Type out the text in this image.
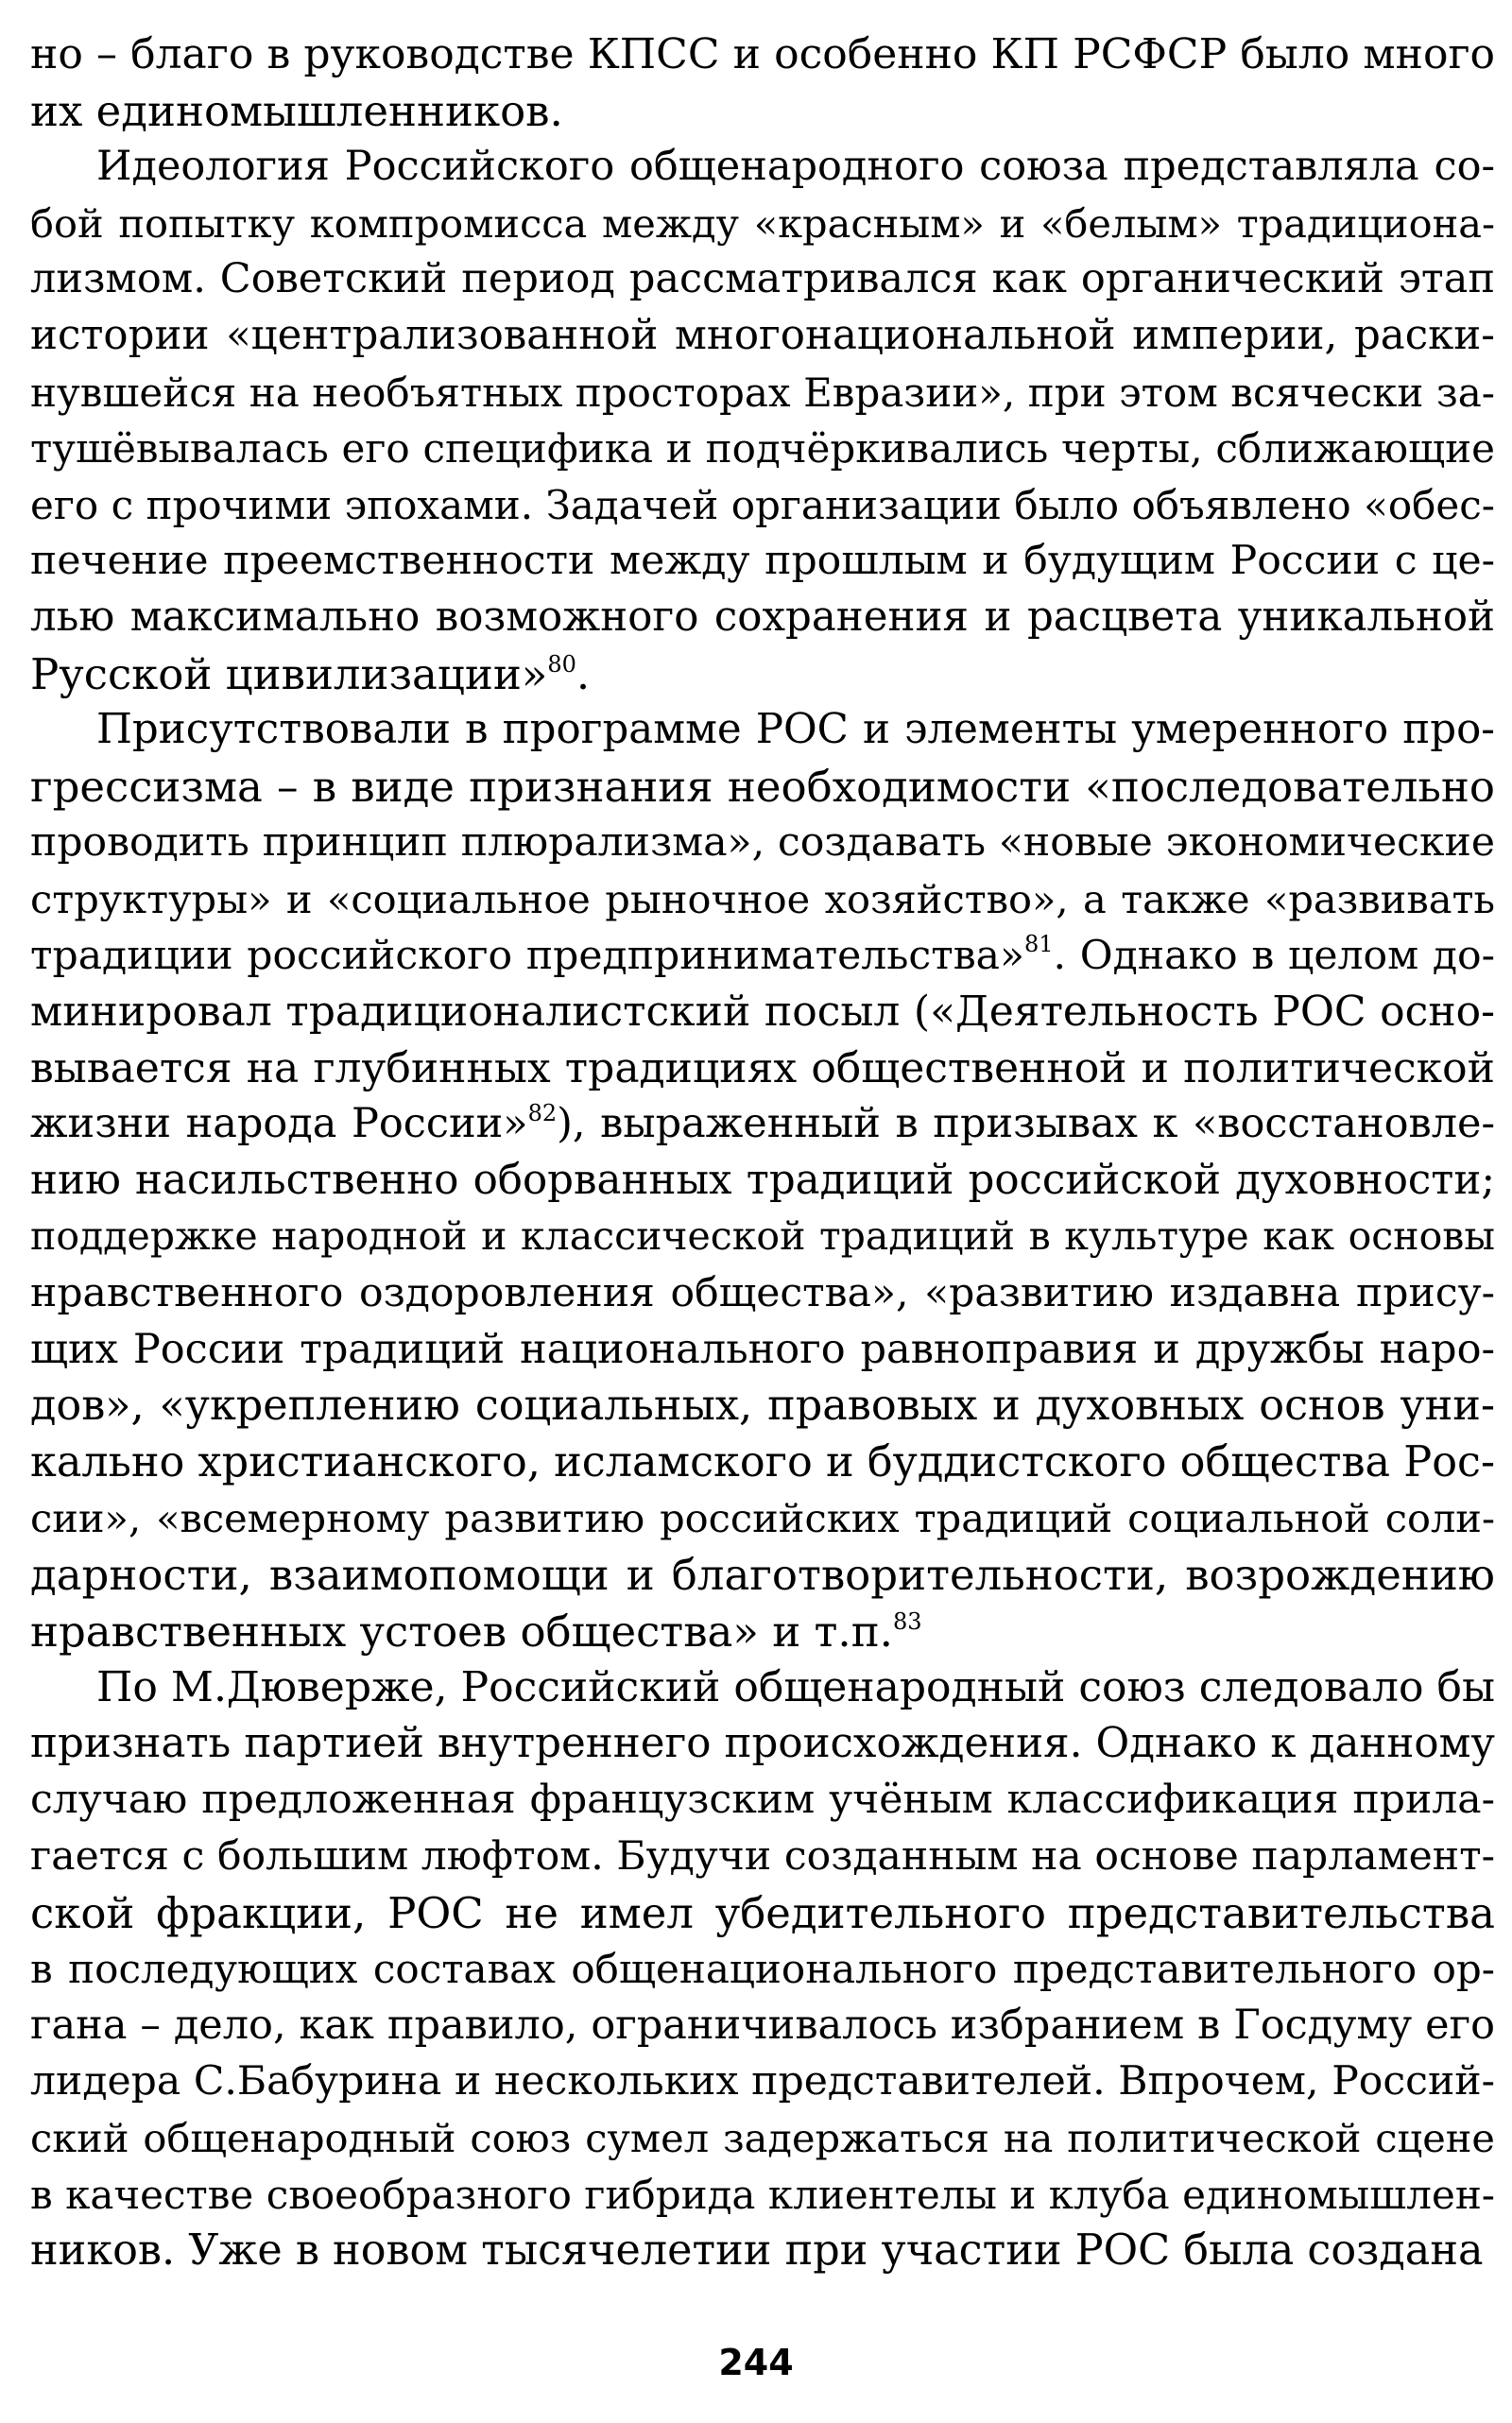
но – благо в руководстве КПСС и особенно КП РСФСР было много
их единомышленников.
Идеология Российского общенародного союза представляла со-
бой попытку компромисса между «красным» и «белым» традициона-
лизмом. Советский период рассматривался как органический этап
истории «централизованной многонациональной империи, раски-
нувшейся на необъятных просторах Евразии», при этом всячески за-
тушёвывалась его специфика и подчёркивались черты, сближающие
его с прочими эпохами. Задачей организации было объявлено «обес-
печение преемственности между прошлым и будущим России с це-
лью максимально возможного сохранения и расцвета уникальной
Русской цивилизации»$^{80}$.
Присутствовали в программе РОС и элементы умеренного про-
грессизма – в виде признания необходимости «последовательно
проводить принцип плюрализма», создавать «новые экономические
структуры» и «социальное рыночное хозяйство», а также «развивать
традиции российского предпринимательства»$^{81}$. Однако в целом до-
минировал традиционалистский посыл («Деятельность РОС осно-
вывается на глубинных традициях общественной и политической
жизни народа России»$^{82}$), выраженный в призывах к «восстановле-
нию насильственно оборванных традиций российской духовности;
поддержке народной и классической традиций в культуре как основы
нравственного оздоровления общества», «развитию издавна прису-
щих России традиций национального равноправия и дружбы наро-
дов», «укреплению социальных, правовых и духовных основ уни-
кально христианского, исламского и буддистского общества Рос-
сии», «всемерному развитию российских традиций социальной соли-
дарности, взаимопомощи и благотворительности, возрождению
нравственных устоев общества» и т.п.$^{83}$
По М.Дюверже, Российский общенародный союз следовало бы
признать партией внутреннего происхождения. Однако к данному
случаю предложенная французским учёным классификация прила-
гается с большим люфтом. Будучи созданным на основе парламент-
ской фракции, РОС не имел убедительного представительства
в последующих составах общенационального представительного ор-
гана – дело, как правило, ограничивалось избранием в Госдуму его
лидера С.Бабурина и нескольких представителей. Впрочем, Россий-
ский общенародный союз сумел задержаться на политической сцене
в качестве своеобразного гибрида клиентелы и клуба единомышлен-
ников. Уже в новом тысячелетии при участии РОС была создана
244
